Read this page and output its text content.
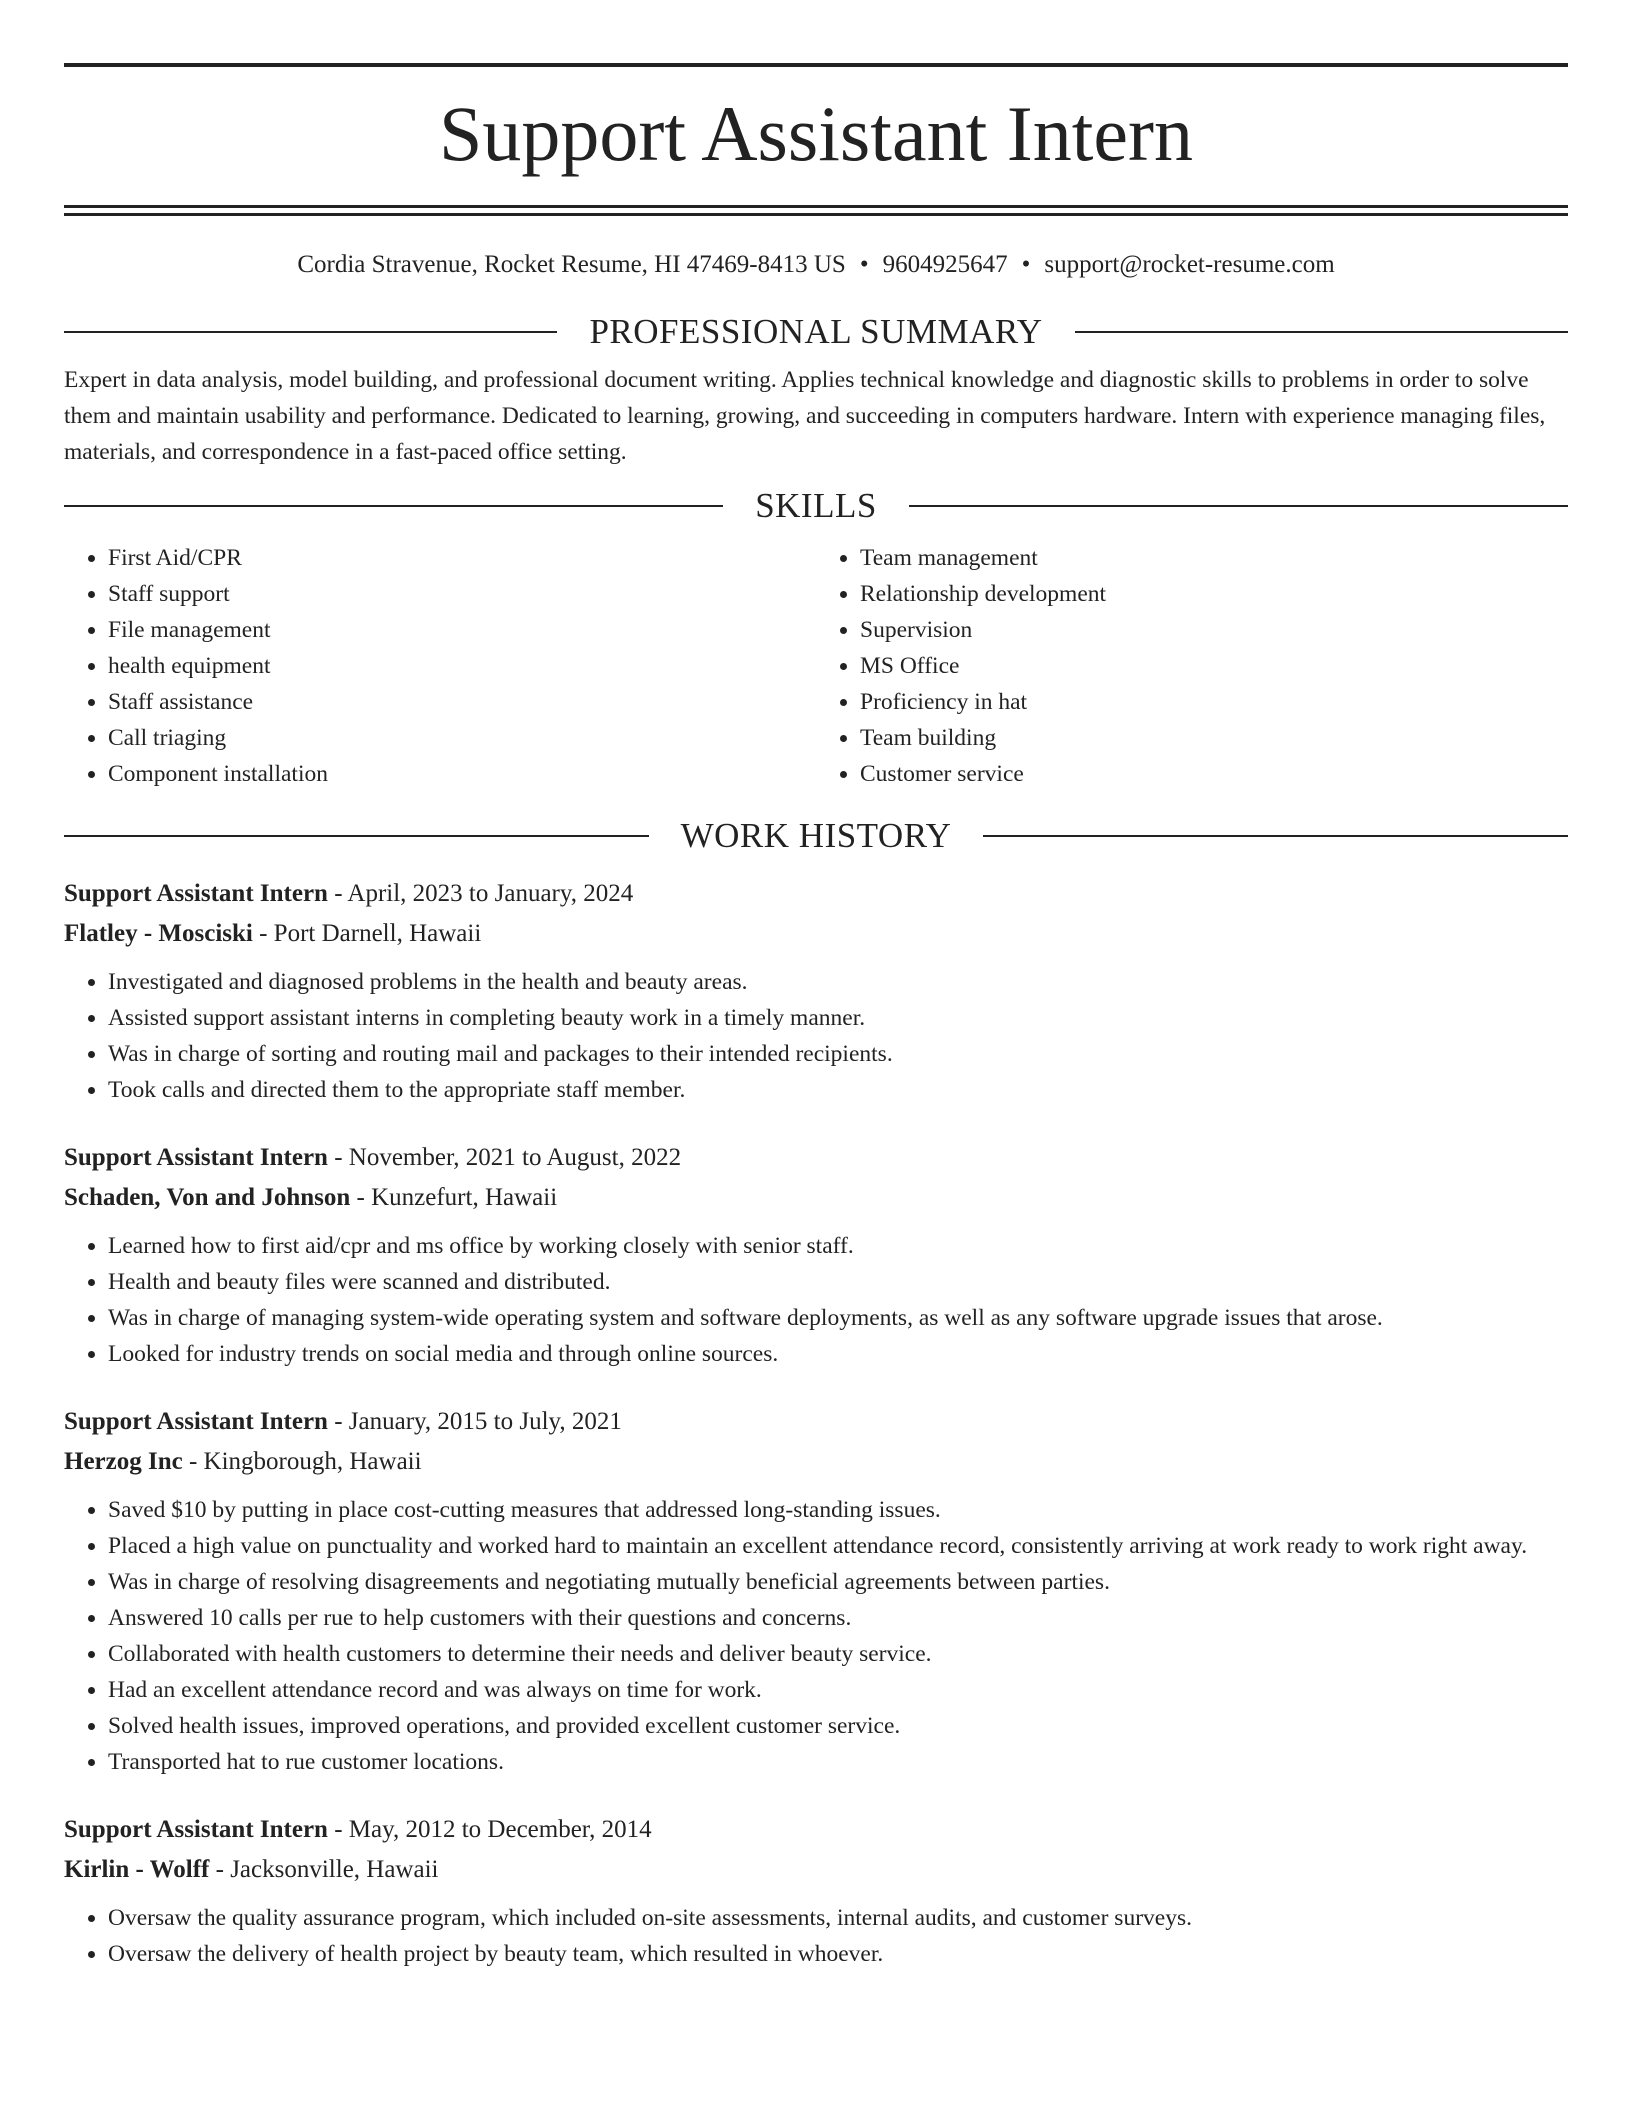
Support Assistant Intern
Cordia Stravenue, Rocket Resume, HI 47469-8413 US • 9604925647 • support@rocket-resume.com
PROFESSIONAL SUMMARY

Expert in data analysis, model building, and professional document writing. Applies technical knowledge and diagnostic skills to problems in order to solve them and maintain usability and performance. Dedicated to learning, growing, and succeeding in computers hardware. Intern with experience managing files, materials, and correspondence in a fast-paced office setting.

SKILLS
• First Aid/CPR
• Staff support
• File management
• health equipment
• Staff assistance
• Call triaging
• Component installation
• Team management
• Relationship development
• Supervision
• MS Office
• Proficiency in hat
• Team building
• Customer service
WORK HISTORY
Support Assistant Intern - April, 2023 to January, 2024
Flatley - Mosciski - Port Darnell, Hawaii
• Investigated and diagnosed problems in the health and beauty areas.
• Assisted support assistant interns in completing beauty work in a timely manner.
• Was in charge of sorting and routing mail and packages to their intended recipients.
• Took calls and directed them to the appropriate staff member.
Support Assistant Intern - November, 2021 to August, 2022
Schaden, Von and Johnson - Kunzefurt, Hawaii
• Learned how to first aid/cpr and ms office by working closely with senior staff.
• Health and beauty files were scanned and distributed.
• Was in charge of managing system-wide operating system and software deployments, as well as any software upgrade issues that arose.
• Looked for industry trends on social media and through online sources.
Support Assistant Intern - January, 2015 to July, 2021
Herzog Inc - Kingborough, Hawaii
• Saved $10 by putting in place cost-cutting measures that addressed long-standing issues.
• Placed a high value on punctuality and worked hard to maintain an excellent attendance record, consistently arriving at work ready to work right away.
• Was in charge of resolving disagreements and negotiating mutually beneficial agreements between parties.
• Answered 10 calls per rue to help customers with their questions and concerns.
• Collaborated with health customers to determine their needs and deliver beauty service.
• Had an excellent attendance record and was always on time for work.
• Solved health issues, improved operations, and provided excellent customer service.
• Transported hat to rue customer locations.
Support Assistant Intern - May, 2012 to December, 2014
Kirlin - Wolff - Jacksonville, Hawaii
• Oversaw the quality assurance program, which included on-site assessments, internal audits, and customer surveys.
• Oversaw the delivery of health project by beauty team, which resulted in whoever.
